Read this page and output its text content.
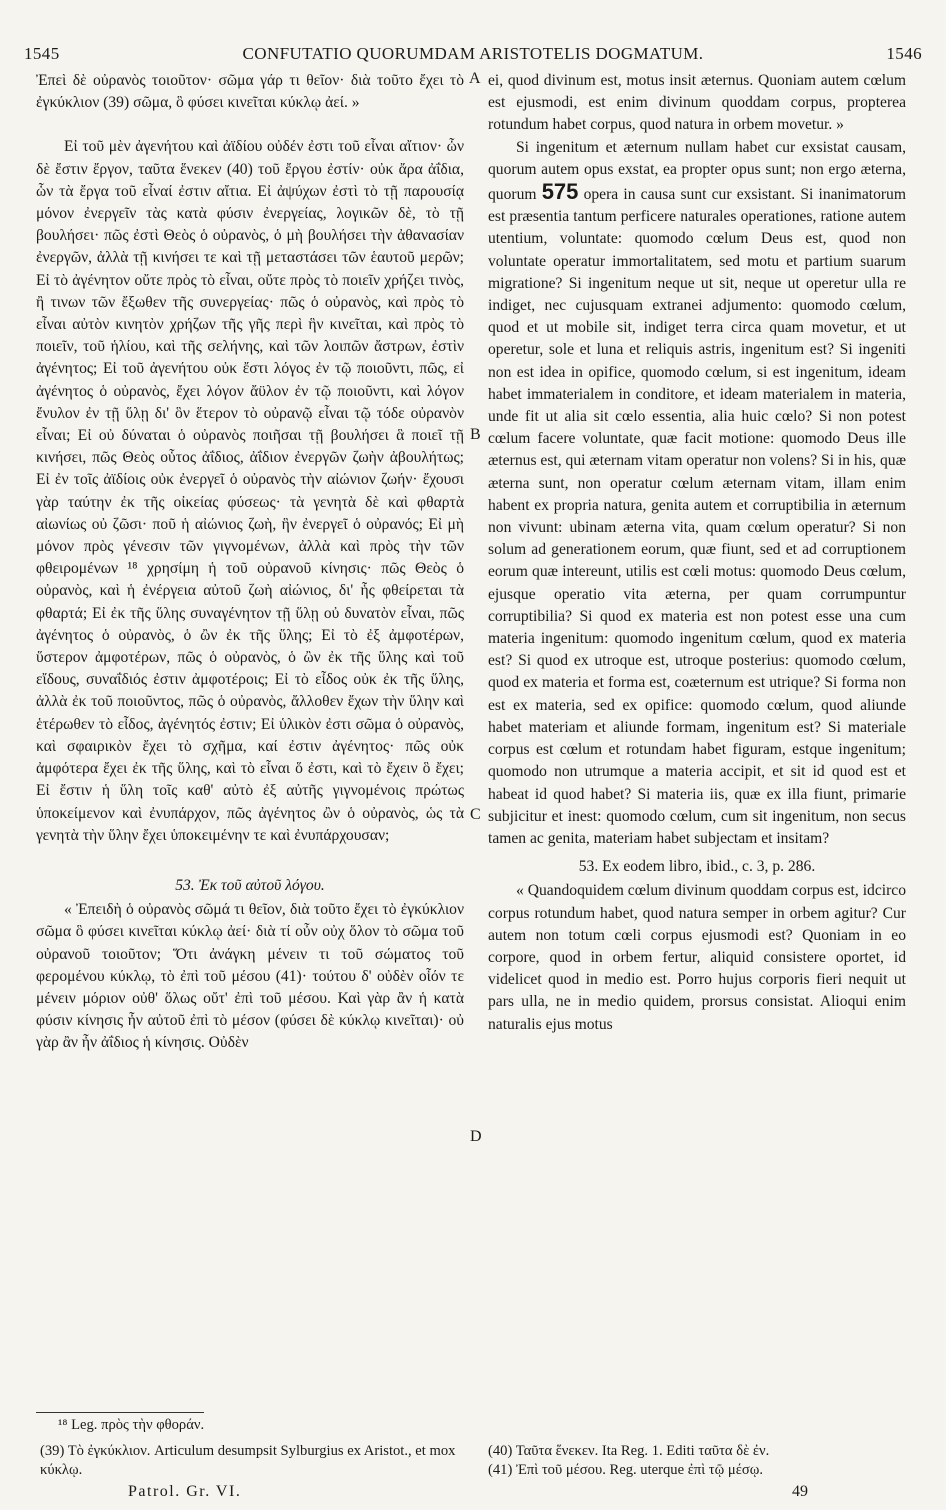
1545	CONFUTATIO QUORUMDAM ARISTOTELIS DOGMATUM.	1546

Ἐπεὶ δὲ οὐρανὸς τοιοῦτον· σῶμα γάρ τι θεῖον· διὰ τοῦτο ἔχει τὸ ἐγκύκλιον (39) σῶμα, ὃ φύσει κινεῖται κύκλῳ ἀεί. »

Εἰ τοῦ μὲν ἀγενήτου καὶ ἀϊδίου οὐδέν ἐστι τοῦ εἶναι αἴτιον· ὧν δὲ ἔστιν ἔργον, ταῦτα ἕνεκεν (40) τοῦ ἔργου ἐστίν· οὐκ ἄρα ἀΐδια, ὧν τὰ ἔργα τοῦ εἶναί ἐστιν αἴτια. Εἰ ἀψύχων ἐστὶ τὸ τῇ παρουσίᾳ μόνον ἐνεργεῖν τὰς κατὰ φύσιν ἐνεργείας, λογικῶν δὲ, τὸ τῇ βουλήσει· πῶς ἐστὶ Θεὸς ὁ οὐρανὸς, ὁ μὴ βουλήσει τὴν ἀθανασίαν ἐνεργῶν, ἀλλὰ τῇ κινήσει τε καὶ τῇ μεταστάσει τῶν ἑαυτοῦ μερῶν; Εἰ τὸ ἀγένητον οὔτε πρὸς τὸ εἶναι, οὔτε πρὸς τὸ ποιεῖν χρήζει τινὸς, ἢ τινων τῶν ἔξωθεν τῆς συνεργείας· πῶς ὁ οὐρανὸς, καὶ πρὸς τὸ εἶναι αὐτὸν κινητὸν χρήζων τῆς γῆς περὶ ἣν κινεῖται, καὶ πρὸς τὸ ποιεῖν, τοῦ ἡλίου, καὶ τῆς σελήνης, καὶ τῶν λοιπῶν ἄστρων, ἐστὶν ἀγένητος; Εἰ τοῦ ἀγενήτου οὐκ ἔστι λόγος ἐν τῷ ποιοῦντι, πῶς, εἰ ἀγένητος ὁ οὐρανὸς, ἔχει λόγον ἄϋλον ἐν τῷ ποιοῦντι, καὶ λόγον ἔνυλον ἐν τῇ ὕλῃ δι' ὃν ἕτερον τὸ οὐρανῷ εἶναι τῷ τόδε οὐρανὸν εἶναι; Εἰ οὐ δύναται ὁ οὐρανὸς ποιῆσαι τῇ βουλήσει ἃ ποιεῖ τῇ κινήσει, πῶς Θεὸς οὗτος ἀΐδιος, ἀΐδιον ἐνεργῶν ζωὴν ἀβουλήτως; Εἰ ἐν τοῖς ἀϊδίοις οὐκ ἐνεργεῖ ὁ οὐρανὸς τὴν αἰώνιον ζωήν· ἔχουσι γὰρ ταύτην ἐκ τῆς οἰκείας φύσεως· τὰ γενητὰ δὲ καὶ φθαρτὰ αἰωνίως οὐ ζῶσι· ποῦ ἡ αἰώνιος ζωὴ, ἣν ἐνεργεῖ ὁ οὐρανός; Εἰ μὴ μόνον πρὸς γένεσιν τῶν γιγνομένων, ἀλλὰ καὶ πρὸς τὴν τῶν φθειρομένων ¹⁸ χρησίμη ἡ τοῦ οὐρανοῦ κίνησις· πῶς Θεὸς ὁ οὐρανὸς, καὶ ἡ ἐνέργεια αὐτοῦ ζωὴ αἰώνιος, δι' ἧς φθείρεται τὰ φθαρτά; Εἰ ἐκ τῆς ὕλης συναγένητον τῇ ὕλῃ οὐ δυνατὸν εἶναι, πῶς ἀγένητος ὁ οὐρανὸς, ὁ ὢν ἐκ τῆς ὕλης; Εἰ τὸ ἐξ ἀμφοτέρων, ὕστερον ἀμφοτέρων, πῶς ὁ οὐρανὸς, ὁ ὢν ἐκ τῆς ὕλης καὶ τοῦ εἴδους, συναΐδιός ἐστιν ἀμφοτέροις; Εἰ τὸ εἶδος οὐκ ἐκ τῆς ὕλης, ἀλλὰ ἐκ τοῦ ποιοῦντος, πῶς ὁ οὐρανὸς, ἄλλοθεν ἔχων τὴν ὕλην καὶ ἑτέρωθεν τὸ εἶδος, ἀγένητός ἐστιν; Εἰ ὑλικὸν ἐστι σῶμα ὁ οὐρανὸς, καὶ σφαιρικὸν ἔχει τὸ σχῆμα, καί ἐστιν ἀγένητος· πῶς οὐκ ἀμφότερα ἔχει ἐκ τῆς ὕλης, καὶ τὸ εἶναι ὅ ἐστι, καὶ τὸ ἔχειν ὃ ἔχει; Εἰ ἔστιν ἡ ὕλη τοῖς καθ' αὐτὸ ἐξ αὐτῆς γιγνομένοις πρώτως ὑποκείμενον καὶ ἐνυπάρχον, πῶς ἀγένητος ὢν ὁ οὐρανὸς, ὡς τὰ γενητὰ τὴν ὕλην ἔχει ὑποκειμένην τε καὶ ἐνυπάρχουσαν;

53. Ἐκ τοῦ αὐτοῦ λόγου.

« Ἐπειδὴ ὁ οὐρανὸς σῶμά τι θεῖον, διὰ τοῦτο ἔχει τὸ ἐγκύκλιον σῶμα ὃ φύσει κινεῖται κύκλῳ ἀεί· διὰ τί οὖν οὐχ ὅλον τὸ σῶμα τοῦ οὐρανοῦ τοιοῦτον; Ὅτι ἀνάγκη μένειν τι τοῦ σώματος τοῦ φερομένου κύκλῳ, τὸ ἐπὶ τοῦ μέσου (41)· τούτου δ' οὐδὲν οἷόν τε μένειν μόριον οὐθ' ὅλως οὔτ' ἐπὶ τοῦ μέσου. Καὶ γὰρ ἂν ἡ κατὰ φύσιν κίνησις ἦν αὐτοῦ ἐπὶ τὸ μέσον (φύσει δὲ κύκλῳ κινεῖται)· οὐ γὰρ ἂν ἦν ἀΐδιος ἡ κίνησις. Οὐδὲν

A
B
C
D

ei, quod divinum est, motus insit æternus. Quoniam autem cœlum est ejusmodi, est enim divinum quoddam corpus, propterea rotundum habet corpus, quod natura in orbem movetur. »

Si ingenitum et æternum nullam habet cur exsistat causam, quorum autem opus exstat, ea propter opus sunt; non ergo æterna, quorum 575 opera in causa sunt cur exsistant. Si inanimatorum est præsentia tantum perficere naturales operationes, ratione autem utentium, voluntate: quomodo cœlum Deus est, quod non voluntate operatur immortalitatem, sed motu et partium suarum migratione? Si ingenitum neque ut sit, neque ut operetur ulla re indiget, nec cujusquam extranei adjumento: quomodo cœlum, quod et ut mobile sit, indiget terra circa quam movetur, et ut operetur, sole et luna et reliquis astris, ingenitum est? Si ingeniti non est idea in opifice, quomodo cœlum, si est ingenitum, ideam habet immaterialem in conditore, et ideam materialem in materia, unde fit ut alia sit cœlo essentia, alia huic cœlo? Si non potest cœlum facere voluntate, quæ facit motione: quomodo Deus ille æternus est, qui æternam vitam operatur non volens? Si in his, quæ æterna sunt, non operatur cœlum æternam vitam, illam enim habent ex propria natura, genita autem et corruptibilia in æternum non vivunt: ubinam æterna vita, quam cœlum operatur? Si non solum ad generationem eorum, quæ fiunt, sed et ad corruptionem eorum quæ intereunt, utilis est cœli motus: quomodo Deus cœlum, ejusque operatio vita æterna, per quam corrumpuntur corruptibilia? Si quod ex materia est non potest esse una cum materia ingenitum: quomodo ingenitum cœlum, quod ex materia est? Si quod ex utroque est, utroque posterius: quomodo cœlum, quod ex materia et forma est, coæternum est utrique? Si forma non est ex materia, sed ex opifice: quomodo cœlum, quod aliunde habet materiam et aliunde formam, ingenitum est? Si materiale corpus est cœlum et rotundam habet figuram, estque ingenitum; quomodo non utrumque a materia accipit, et sit id quod est et habeat id quod habet? Si materia iis, quæ ex illa fiunt, primarie subjicitur et inest: quomodo cœlum, cum sit ingenitum, non secus tamen ac genita, materiam habet subjectam et insitam?

53. Ex eodem libro, ibid., c. 3, p. 286.

« Quandoquidem cœlum divinum quoddam corpus est, idcirco corpus rotundum habet, quod natura semper in orbem agitur? Cur autem non totum cœli corpus ejusmodi est? Quoniam in eo corpore, quod in orbem fertur, aliquid consistere oportet, id videlicet quod in medio est. Porro hujus corporis fieri nequit ut pars ulla, ne in medio quidem, prorsus consistat. Alioqui enim naturalis ejus motus

¹⁸ Leg. πρὸς τὴν φθοράν.
(39) Τὸ ἐγκύκλιον. Articulum desumpsit Sylburgius ex Aristot., et mox κύκλῳ.
(40) Ταῦτα ἕνεκεν. Ita Reg. 1. Editi ταῦτα δὲ ἐν.
(41) Ἐπὶ τοῦ μέσου. Reg. uterque ἐπὶ τῷ μέσῳ.
Patrol. Gr. VI.	49
